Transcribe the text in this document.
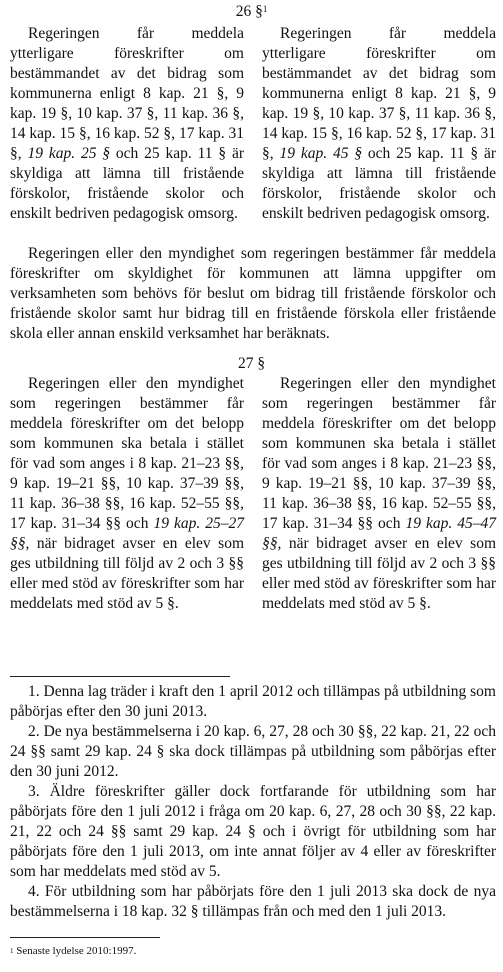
26 §$^1$
Regeringen får meddela ytterligare föreskrifter om bestämmandet av det bidrag som kommunerna enligt 8 kap. 21 §, 9 kap. 19 §, 10 kap. 37 §, 11 kap. 36 §, 14 kap. 15 §, 16 kap. 52 §, 17 kap. 31 §, 19 kap. 25 § och 25 kap. 11 § är skyldiga att lämna till fristående förskolor, fristående skolor och enskilt bedriven pedagogisk omsorg.
Regeringen får meddela ytterligare föreskrifter om bestämmandet av det bidrag som kommunerna enligt 8 kap. 21 §, 9 kap. 19 §, 10 kap. 37 §, 11 kap. 36 §, 14 kap. 15 §, 16 kap. 52 §, 17 kap. 31 §, 19 kap. 45 § och 25 kap. 11 § är skyldiga att lämna till fristående förskolor, fristående skolor och enskilt bedriven pedagogisk omsorg.
Regeringen eller den myndighet som regeringen bestämmer får meddela föreskrifter om skyldighet för kommunen att lämna uppgifter om verksamheten som behövs för beslut om bidrag till fristående förskolor och fristående skolor samt hur bidrag till en fristående förskola eller fristående skola eller annan enskild verksamhet har beräknats.
27 §
Regeringen eller den myndighet som regeringen bestämmer får meddela föreskrifter om det belopp som kommunen ska betala i stället för vad som anges i 8 kap. 21–23 §§, 9 kap. 19–21 §§, 10 kap. 37–39 §§, 11 kap. 36–38 §§, 16 kap. 52–55 §§, 17 kap. 31–34 §§ och 19 kap. 25–27 §§, när bidraget avser en elev som ges utbildning till följd av 2 och 3 §§ eller med stöd av föreskrifter som har meddelats med stöd av 5 §.
Regeringen eller den myndighet som regeringen bestämmer får meddela föreskrifter om det belopp som kommunen ska betala i stället för vad som anges i 8 kap. 21–23 §§, 9 kap. 19–21 §§, 10 kap. 37–39 §§, 11 kap. 36–38 §§, 16 kap. 52–55 §§, 17 kap. 31–34 §§ och 19 kap. 45–47 §§, när bidraget avser en elev som ges utbildning till följd av 2 och 3 §§ eller med stöd av föreskrifter som har meddelats med stöd av 5 §.

1. Denna lag träder i kraft den 1 april 2012 och tillämpas på utbildning som påbörjas efter den 30 juni 2013.

2. De nya bestämmelserna i 20 kap. 6, 27, 28 och 30 §§, 22 kap. 21, 22 och 24 §§ samt 29 kap. 24 § ska dock tillämpas på utbildning som påbörjas efter den 30 juni 2012.

3. Äldre föreskrifter gäller dock fortfarande för utbildning som har påbörjats före den 1 juli 2012 i fråga om 20 kap. 6, 27, 28 och 30 §§, 22 kap. 21, 22 och 24 §§ samt 29 kap. 24 § och i övrigt för utbildning som har påbörjats före den 1 juli 2013, om inte annat följer av 4 eller av föreskrifter som har meddelats med stöd av 5.

4. För utbildning som har påbörjats före den 1 juli 2013 ska dock de nya bestämmelserna i 18 kap. 32 § tillämpas från och med den 1 juli 2013.

$^1$ Senaste lydelse 2010:1997.
